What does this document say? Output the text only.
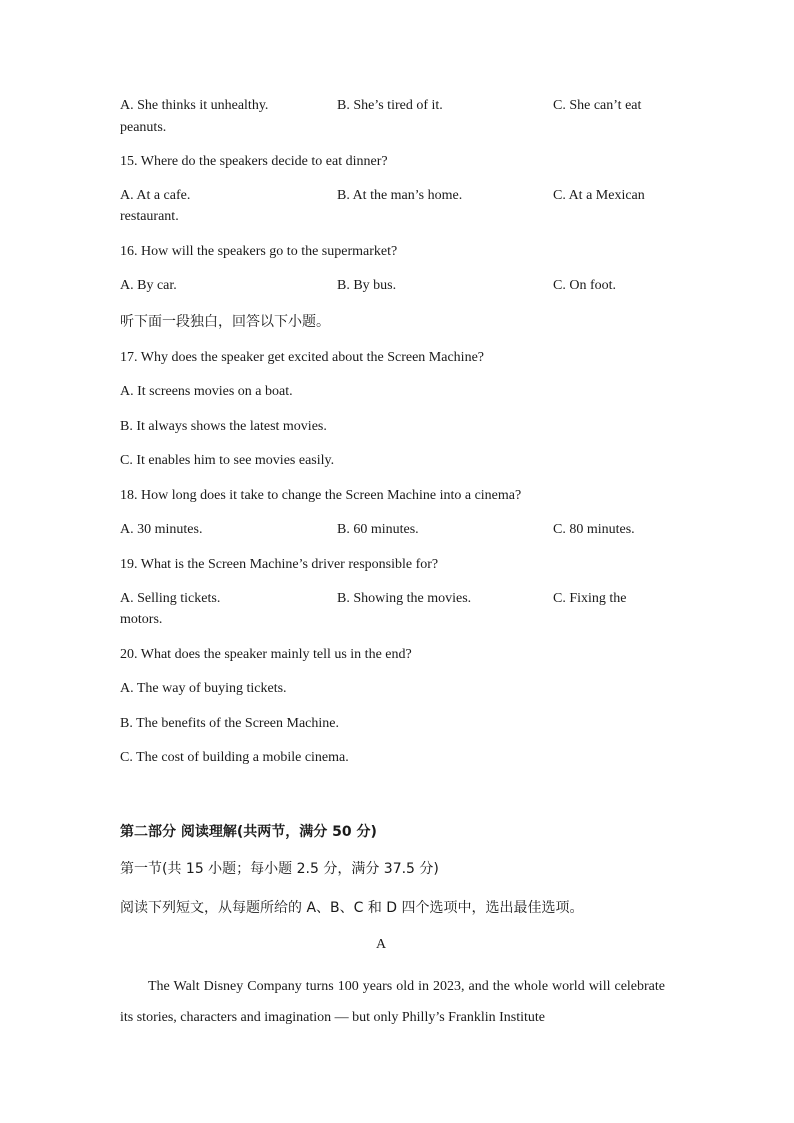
A. She thinks it unhealthy.	B. She’s tired of it.	C. She can’t eat
peanuts.
15. Where do the speakers decide to eat dinner?
A. At a cafe.	B. At the man’s home.	C. At a Mexican
restaurant.
16. How will the speakers go to the supermarket?
A. By car.	B. By bus.	C. On foot.
听下面一段独白，回答以下小题。
17. Why does the speaker get excited about the Screen Machine?
A. It screens movies on a boat.
B. It always shows the latest movies.
C. It enables him to see movies easily.
18. How long does it take to change the Screen Machine into a cinema?
A. 30 minutes.	B. 60 minutes.	C. 80 minutes.
19. What is the Screen Machine’s driver responsible for?
A. Selling tickets.	B. Showing the movies.	C. Fixing the
motors.
20. What does the speaker mainly tell us in the end?
A. The way of buying tickets.
B. The benefits of the Screen Machine.
C. The cost of building a mobile cinema.
第二部分 阅读理解(共两节，满分 50 分)
第一节(共 15 小题；每小题 2.5 分，满分 37.5 分)
阅读下列短文，从每题所给的 A、B、C 和 D 四个选项中，选出最佳选项。
A
The Walt Disney Company turns 100 years old in 2023, and the whole world will celebrate its stories, characters and imagination — but only Philly’s Franklin Institute
